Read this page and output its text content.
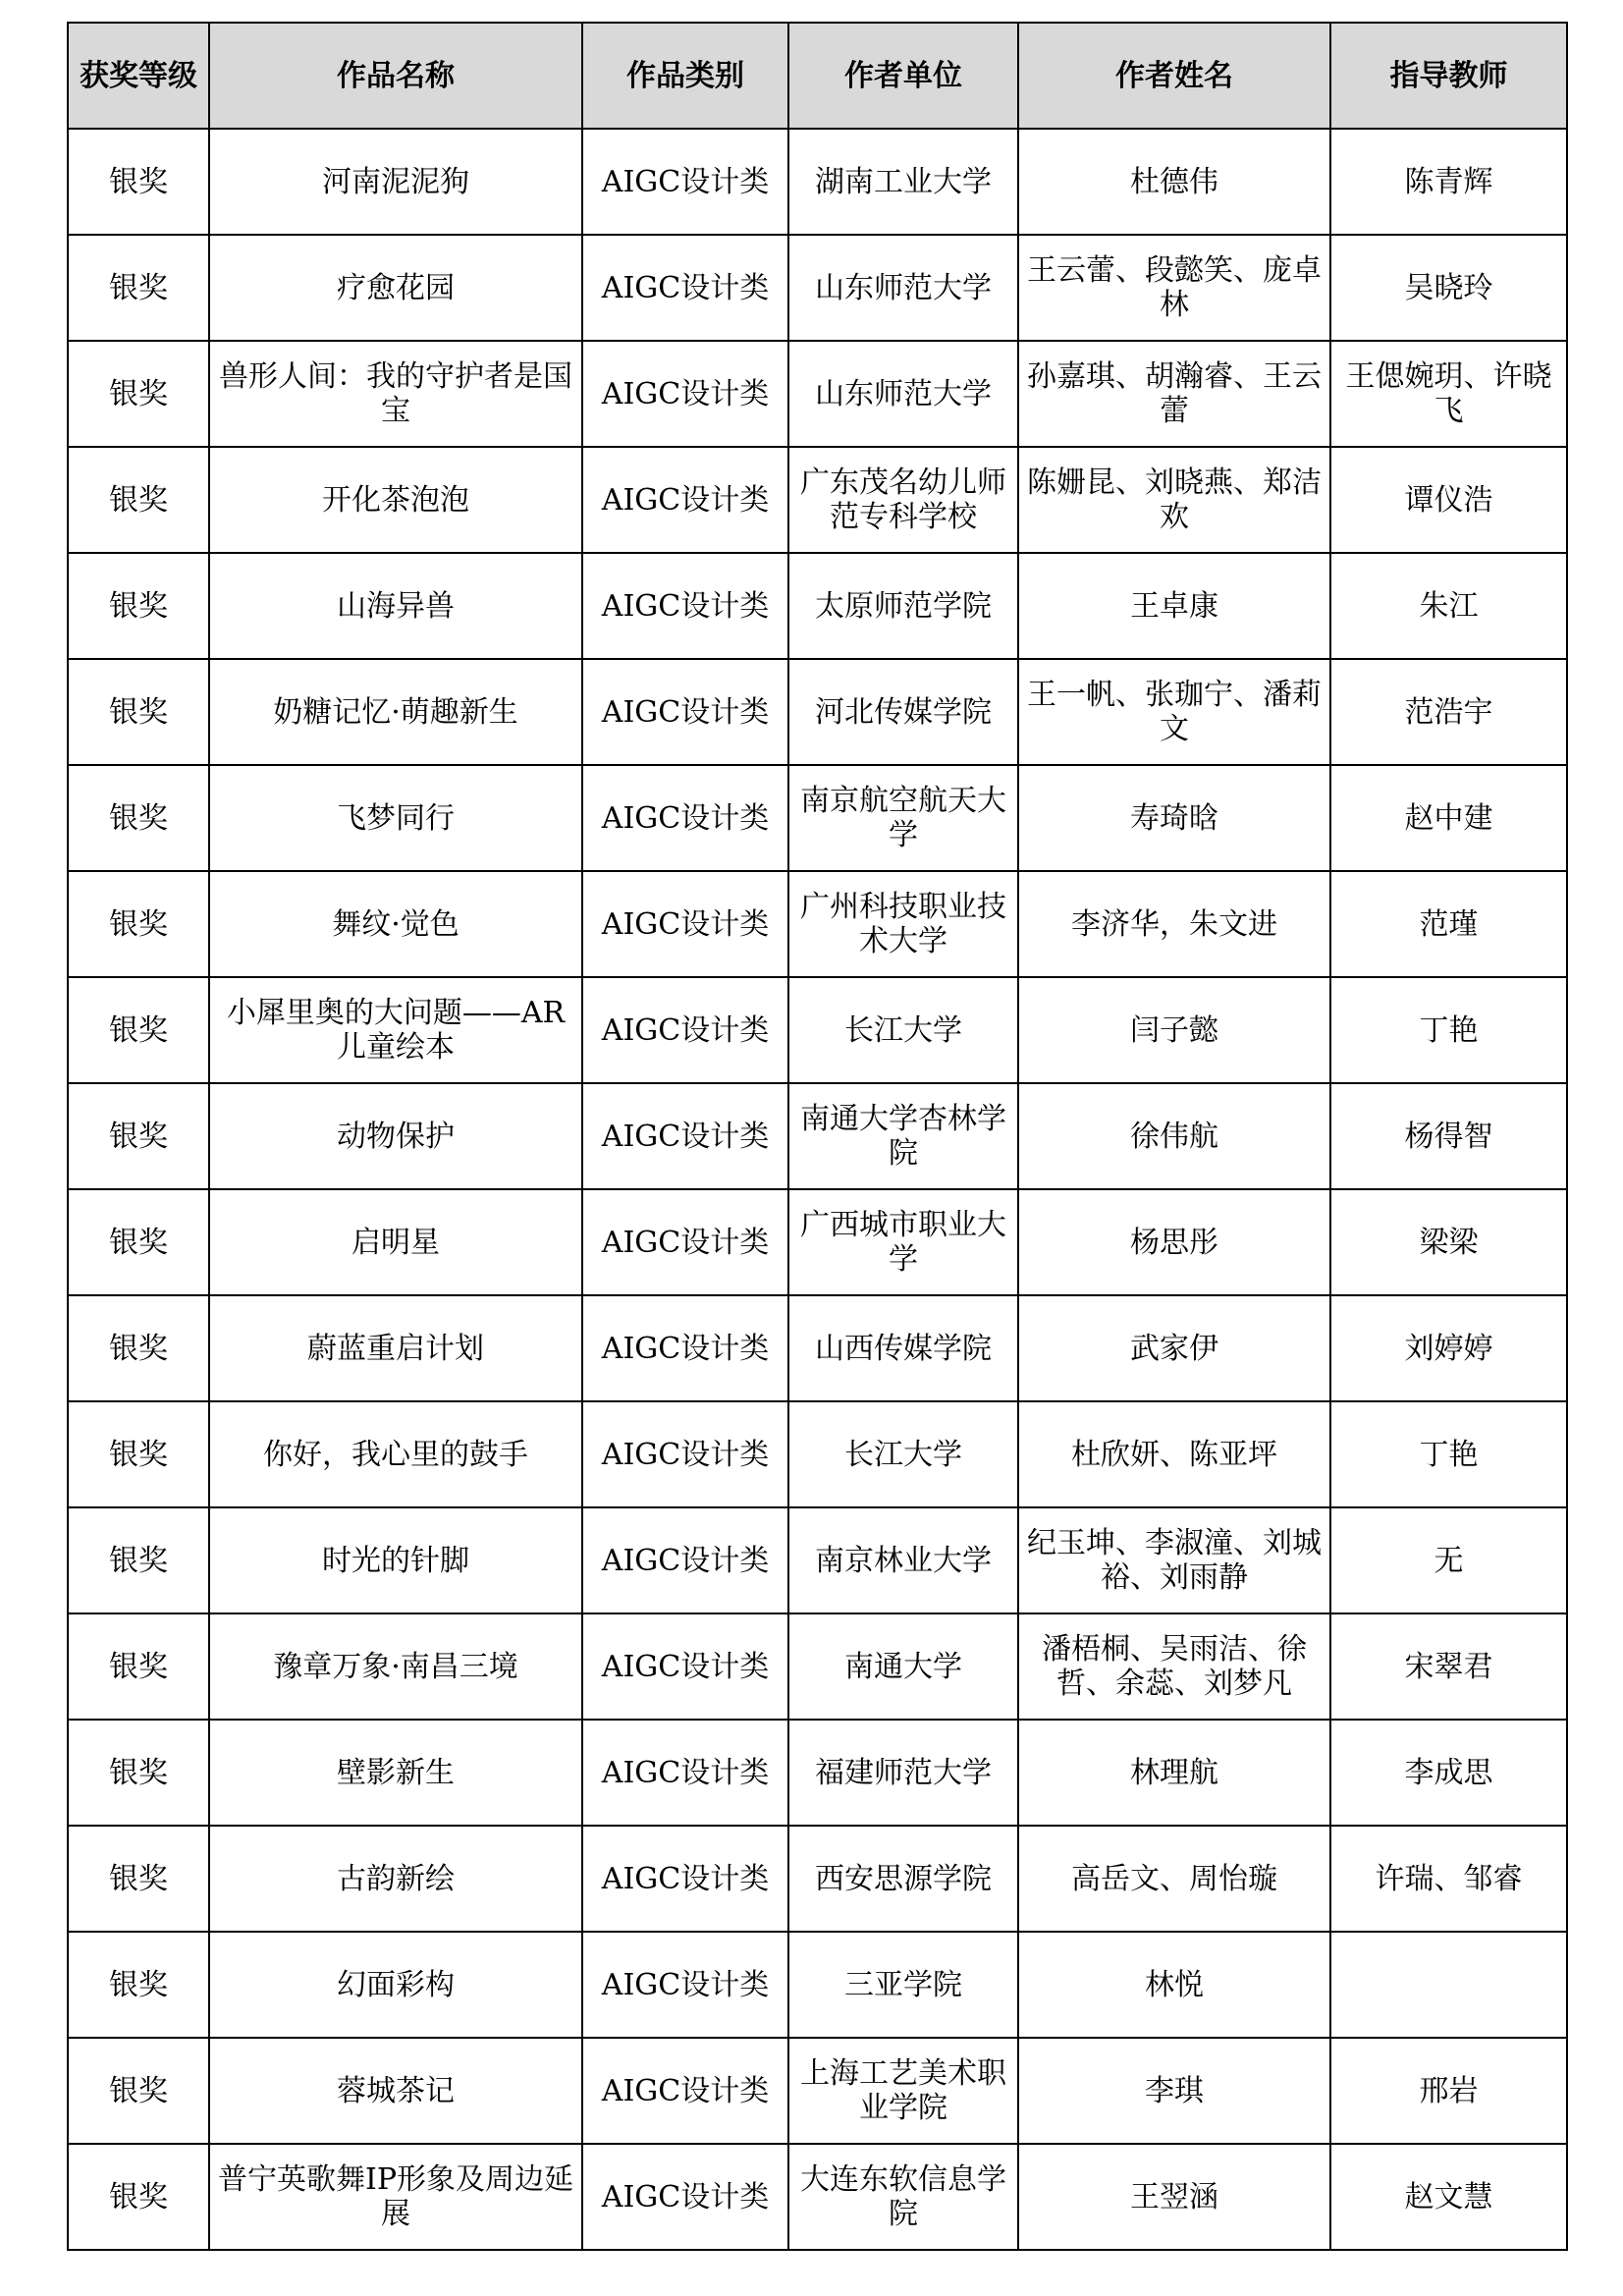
获奖等级	作品名称	作品类别	作者单位	作者姓名	指导教师
银奖	河南泥泥狗	AIGC设计类	湖南工业大学	杜德伟	陈青辉
银奖	疗愈花园	AIGC设计类	山东师范大学	王云蕾、段懿笑、庞卓林	吴晓玲
银奖	兽形人间：我的守护者是国宝	AIGC设计类	山东师范大学	孙嘉琪、胡瀚睿、王云蕾	王偲婉玥、许晓飞
银奖	开化茶泡泡	AIGC设计类	广东茂名幼儿师范专科学校	陈姗昆、刘晓燕、郑洁欢	谭仪浩
银奖	山海异兽	AIGC设计类	太原师范学院	王卓康	朱江
银奖	奶糖记忆·萌趣新生	AIGC设计类	河北传媒学院	王一帆、张珈宁、潘莉文	范浩宇
银奖	飞梦同行	AIGC设计类	南京航空航天大学	寿琦晗	赵中建
银奖	舞纹·觉色	AIGC设计类	广州科技职业技术大学	李济华，朱文进	范瑾
银奖	小犀里奥的大问题——AR儿童绘本	AIGC设计类	长江大学	闫子懿	丁艳
银奖	动物保护	AIGC设计类	南通大学杏林学院	徐伟航	杨得智
银奖	启明星	AIGC设计类	广西城市职业大学	杨思彤	梁梁
银奖	蔚蓝重启计划	AIGC设计类	山西传媒学院	武家伊	刘婷婷
银奖	你好，我心里的鼓手	AIGC设计类	长江大学	杜欣妍、陈亚坪	丁艳
银奖	时光的针脚	AIGC设计类	南京林业大学	纪玉坤、李淑潼、刘城裕、刘雨静	无
银奖	豫章万象·南昌三境	AIGC设计类	南通大学	潘梧桐、吴雨洁、徐哲、余蕊、刘梦凡	宋翠君
银奖	壁影新生	AIGC设计类	福建师范大学	林理航	李成思
银奖	古韵新绘	AIGC设计类	西安思源学院	高岳文、周怡璇	许瑞、邹睿
银奖	幻面彩构	AIGC设计类	三亚学院	林悦	
银奖	蓉城茶记	AIGC设计类	上海工艺美术职业学院	李琪	邢岩
银奖	普宁英歌舞IP形象及周边延展	AIGC设计类	大连东软信息学院	王翌涵	赵文慧
